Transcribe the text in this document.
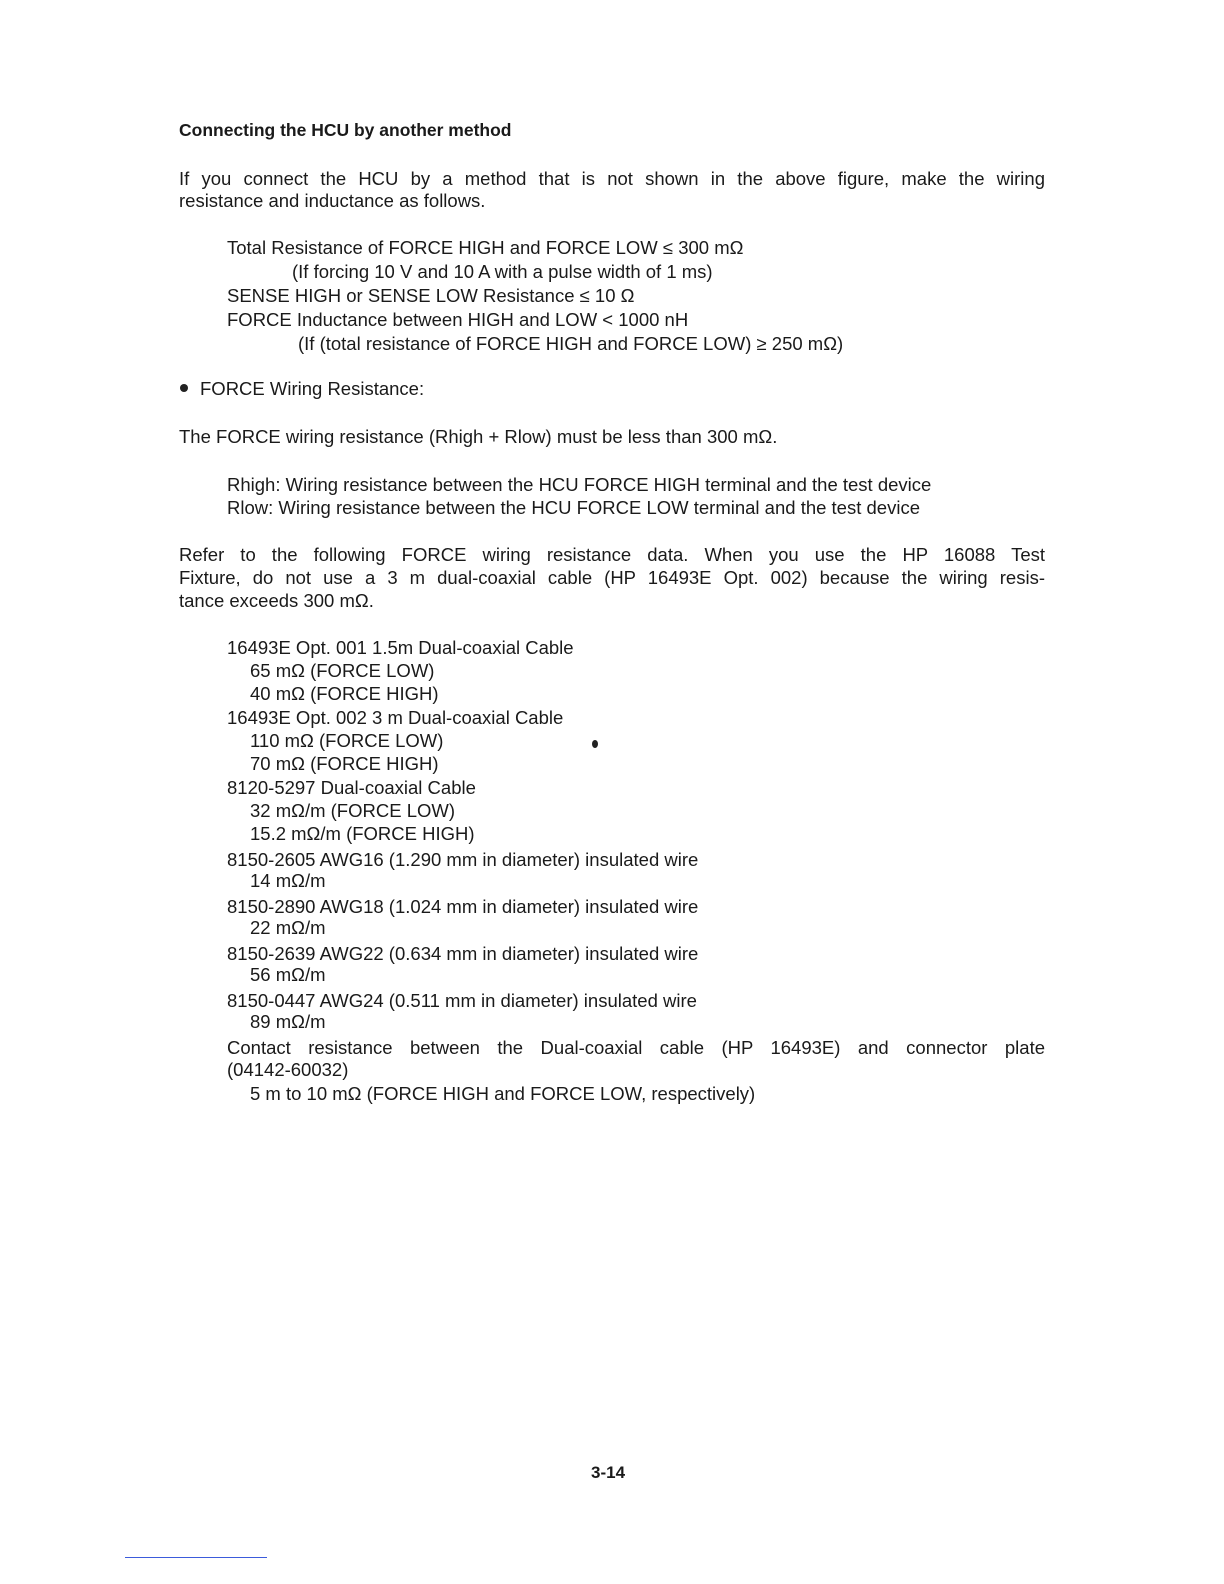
Connecting the HCU by another method
If you connect the HCU by a method that is not shown in the above figure, make the wiring
resistance and inductance as follows.
Total Resistance of FORCE HIGH and FORCE LOW ≤ 300 mΩ
(If forcing 10 V and 10 A with a pulse width of 1 ms)
SENSE HIGH or SENSE LOW Resistance ≤ 10 Ω
FORCE Inductance between HIGH and LOW < 1000 nH
(If (total resistance of FORCE HIGH and FORCE LOW) ≥ 250 mΩ)
FORCE Wiring Resistance:
The FORCE wiring resistance (Rhigh + Rlow) must be less than 300 mΩ.
Rhigh: Wiring resistance between the HCU FORCE HIGH terminal and the test device
Rlow: Wiring resistance between the HCU FORCE LOW terminal and the test device
Refer to the following FORCE wiring resistance data. When you use the HP 16088 Test
Fixture, do not use a 3 m dual-coaxial cable (HP 16493E Opt. 002) because the wiring resis-
tance exceeds 300 mΩ.
16493E Opt. 001 1.5m Dual-coaxial Cable
65 mΩ (FORCE LOW)
40 mΩ (FORCE HIGH)
16493E Opt. 002 3 m Dual-coaxial Cable
110 mΩ (FORCE LOW)
70 mΩ (FORCE HIGH)
8120-5297 Dual-coaxial Cable
32 mΩ/m (FORCE LOW)
15.2 mΩ/m (FORCE HIGH)
8150-2605 AWG16 (1.290 mm in diameter) insulated wire
14 mΩ/m
8150-2890 AWG18 (1.024 mm in diameter) insulated wire
22 mΩ/m
8150-2639 AWG22 (0.634 mm in diameter) insulated wire
56 mΩ/m
8150-0447 AWG24 (0.511 mm in diameter) insulated wire
89 mΩ/m
Contact resistance between the Dual-coaxial cable (HP 16493E) and connector plate
(04142-60032)
5 m to 10 mΩ (FORCE HIGH and FORCE LOW, respectively)
3-14
